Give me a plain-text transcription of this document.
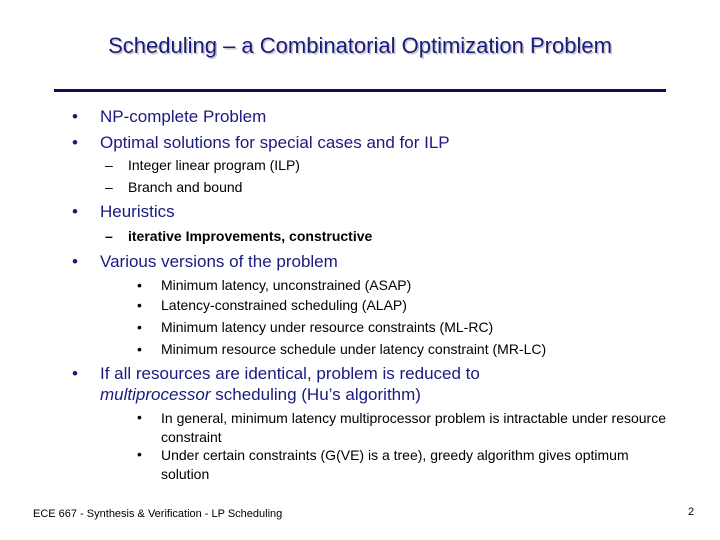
Scheduling – a Combinatorial Optimization Problem
• NP-complete Problem
• Optimal solutions for special cases and for ILP
– Integer linear program (ILP)
– Branch and bound
• Heuristics
– iterative Improvements, constructive
• Various versions of the problem
• Minimum latency, unconstrained (ASAP)
• Latency-constrained scheduling (ALAP)
• Minimum latency under resource constraints (ML-RC)
• Minimum resource schedule under latency constraint (MR-LC)
• If all resources are identical, problem is reduced to
multiprocessor scheduling (Hu’s algorithm)
• In general, minimum latency multiprocessor problem is intractable under resource constraint
• Under certain constraints (G(VE) is a tree), greedy algorithm gives optimum solution
ECE 667 - Synthesis & Verification - LP Scheduling	2
